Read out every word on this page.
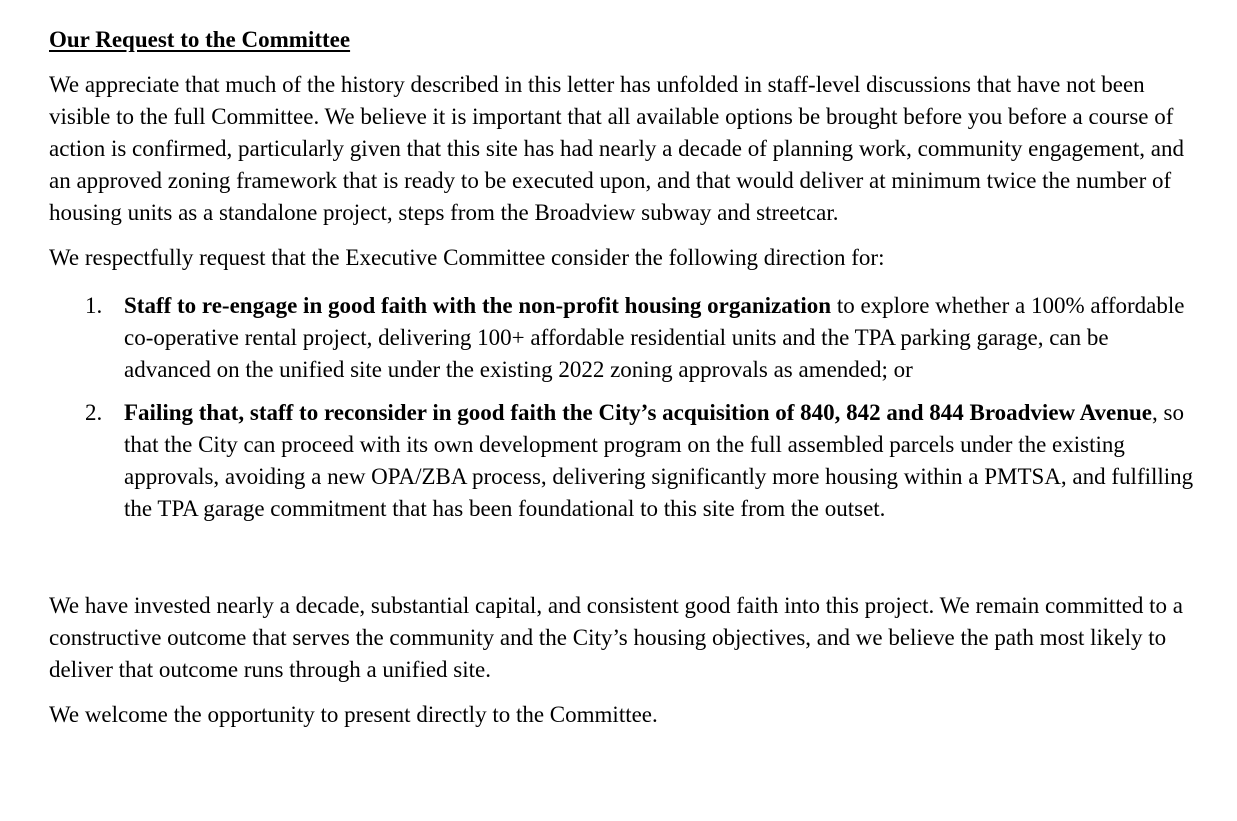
Our Request to the Committee

We appreciate that much of the history described in this letter has unfolded in staff-level discussions that have not been visible to the full Committee. We believe it is important that all available options be brought before you before a course of action is confirmed, particularly given that this site has had nearly a decade of planning work, community engagement, and an approved zoning framework that is ready to be executed upon, and that would deliver at minimum twice the number of housing units as a standalone project, steps from the Broadview subway and streetcar.

We respectfully request that the Executive Committee consider the following direction for:

1. Staff to re-engage in good faith with the non-profit housing organization to explore whether a 100% affordable co-operative rental project, delivering 100+ affordable residential units and the TPA parking garage, can be advanced on the unified site under the existing 2022 zoning approvals as amended; or
2. Failing that, staff to reconsider in good faith the City’s acquisition of 840, 842 and 844 Broadview Avenue, so that the City can proceed with its own development program on the full assembled parcels under the existing approvals, avoiding a new OPA/ZBA process, delivering significantly more housing within a PMTSA, and fulfilling the TPA garage commitment that has been foundational to this site from the outset.

We have invested nearly a decade, substantial capital, and consistent good faith into this project. We remain committed to a constructive outcome that serves the community and the City’s housing objectives, and we believe the path most likely to deliver that outcome runs through a unified site.

We welcome the opportunity to present directly to the Committee.
